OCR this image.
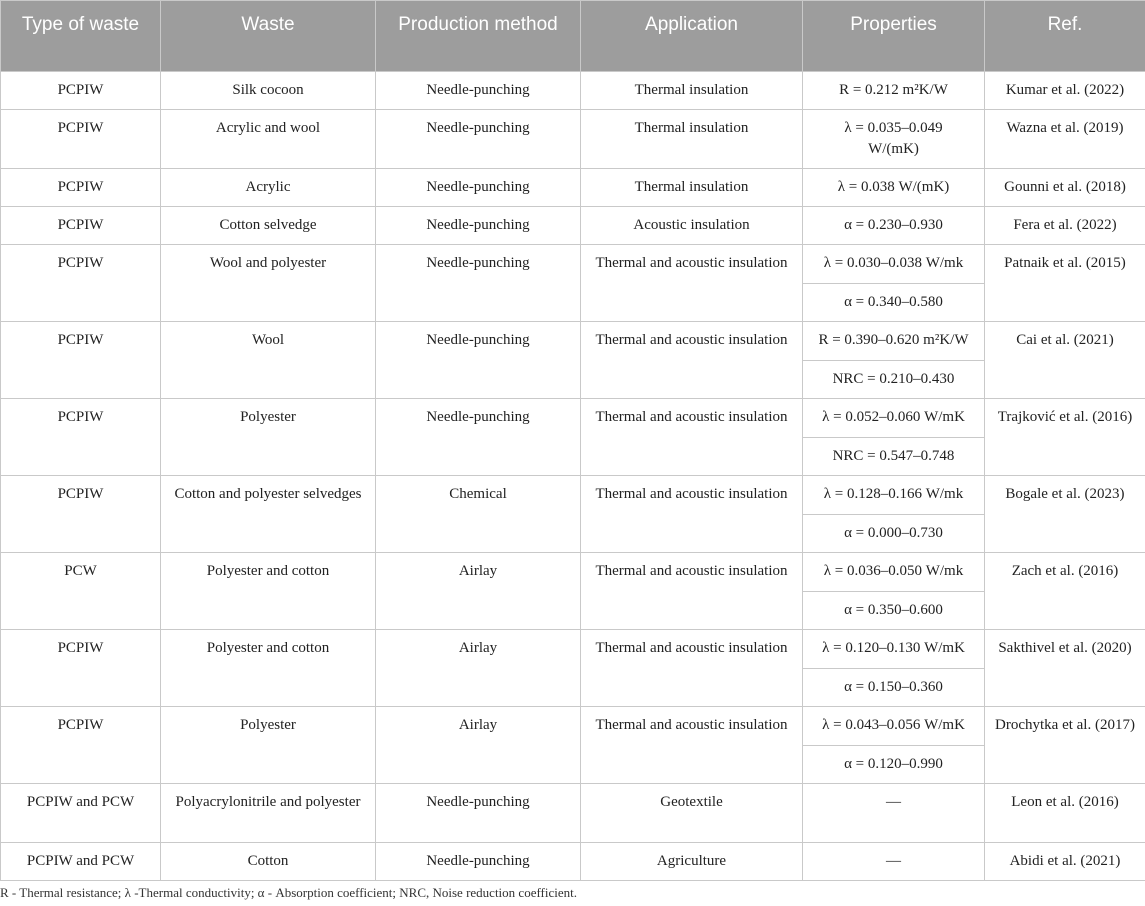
Type of waste	Waste	Production method	Application	Properties	Ref.
PCPIW	Silk cocoon	Needle-punching	Thermal insulation	R = 0.212 m²K/W	Kumar et al. (2022)
PCPIW	Acrylic and wool	Needle-punching	Thermal insulation	λ = 0.035–0.049 W/(mK)	Wazna et al. (2019)
PCPIW	Acrylic	Needle-punching	Thermal insulation	λ = 0.038 W/(mK)	Gounni et al. (2018)
PCPIW	Cotton selvedge	Needle-punching	Acoustic insulation	α = 0.230–0.930	Fera et al. (2022)
PCPIW	Wool and polyester	Needle-punching	Thermal and acoustic insulation	λ = 0.030–0.038 W/mk	Patnaik et al. (2015)
				α = 0.340–0.580	
PCPIW	Wool	Needle-punching	Thermal and acoustic insulation	R = 0.390–0.620 m²K/W	Cai et al. (2021)
				NRC = 0.210–0.430	
PCPIW	Polyester	Needle-punching	Thermal and acoustic insulation	λ = 0.052–0.060 W/mK	Trajković et al. (2016)
				NRC = 0.547–0.748	
PCPIW	Cotton and polyester selvedges	Chemical	Thermal and acoustic insulation	λ = 0.128–0.166 W/mk	Bogale et al. (2023)
				α = 0.000–0.730	
PCW	Polyester and cotton	Airlay	Thermal and acoustic insulation	λ = 0.036–0.050 W/mk	Zach et al. (2016)
				α = 0.350–0.600	
PCPIW	Polyester and cotton	Airlay	Thermal and acoustic insulation	λ = 0.120–0.130 W/mK	Sakthivel et al. (2020)
				α = 0.150–0.360	
PCPIW	Polyester	Airlay	Thermal and acoustic insulation	λ = 0.043–0.056 W/mK	Drochytka et al. (2017)
				α = 0.120–0.990	
PCPIW and PCW	Polyacrylonitrile and polyester	Needle-punching	Geotextile	—	Leon et al. (2016)
PCPIW and PCW	Cotton	Needle-punching	Agriculture	—	Abidi et al. (2021)
R - Thermal resistance; λ -Thermal conductivity; α - Absorption coefficient; NRC, Noise reduction coefficient.
